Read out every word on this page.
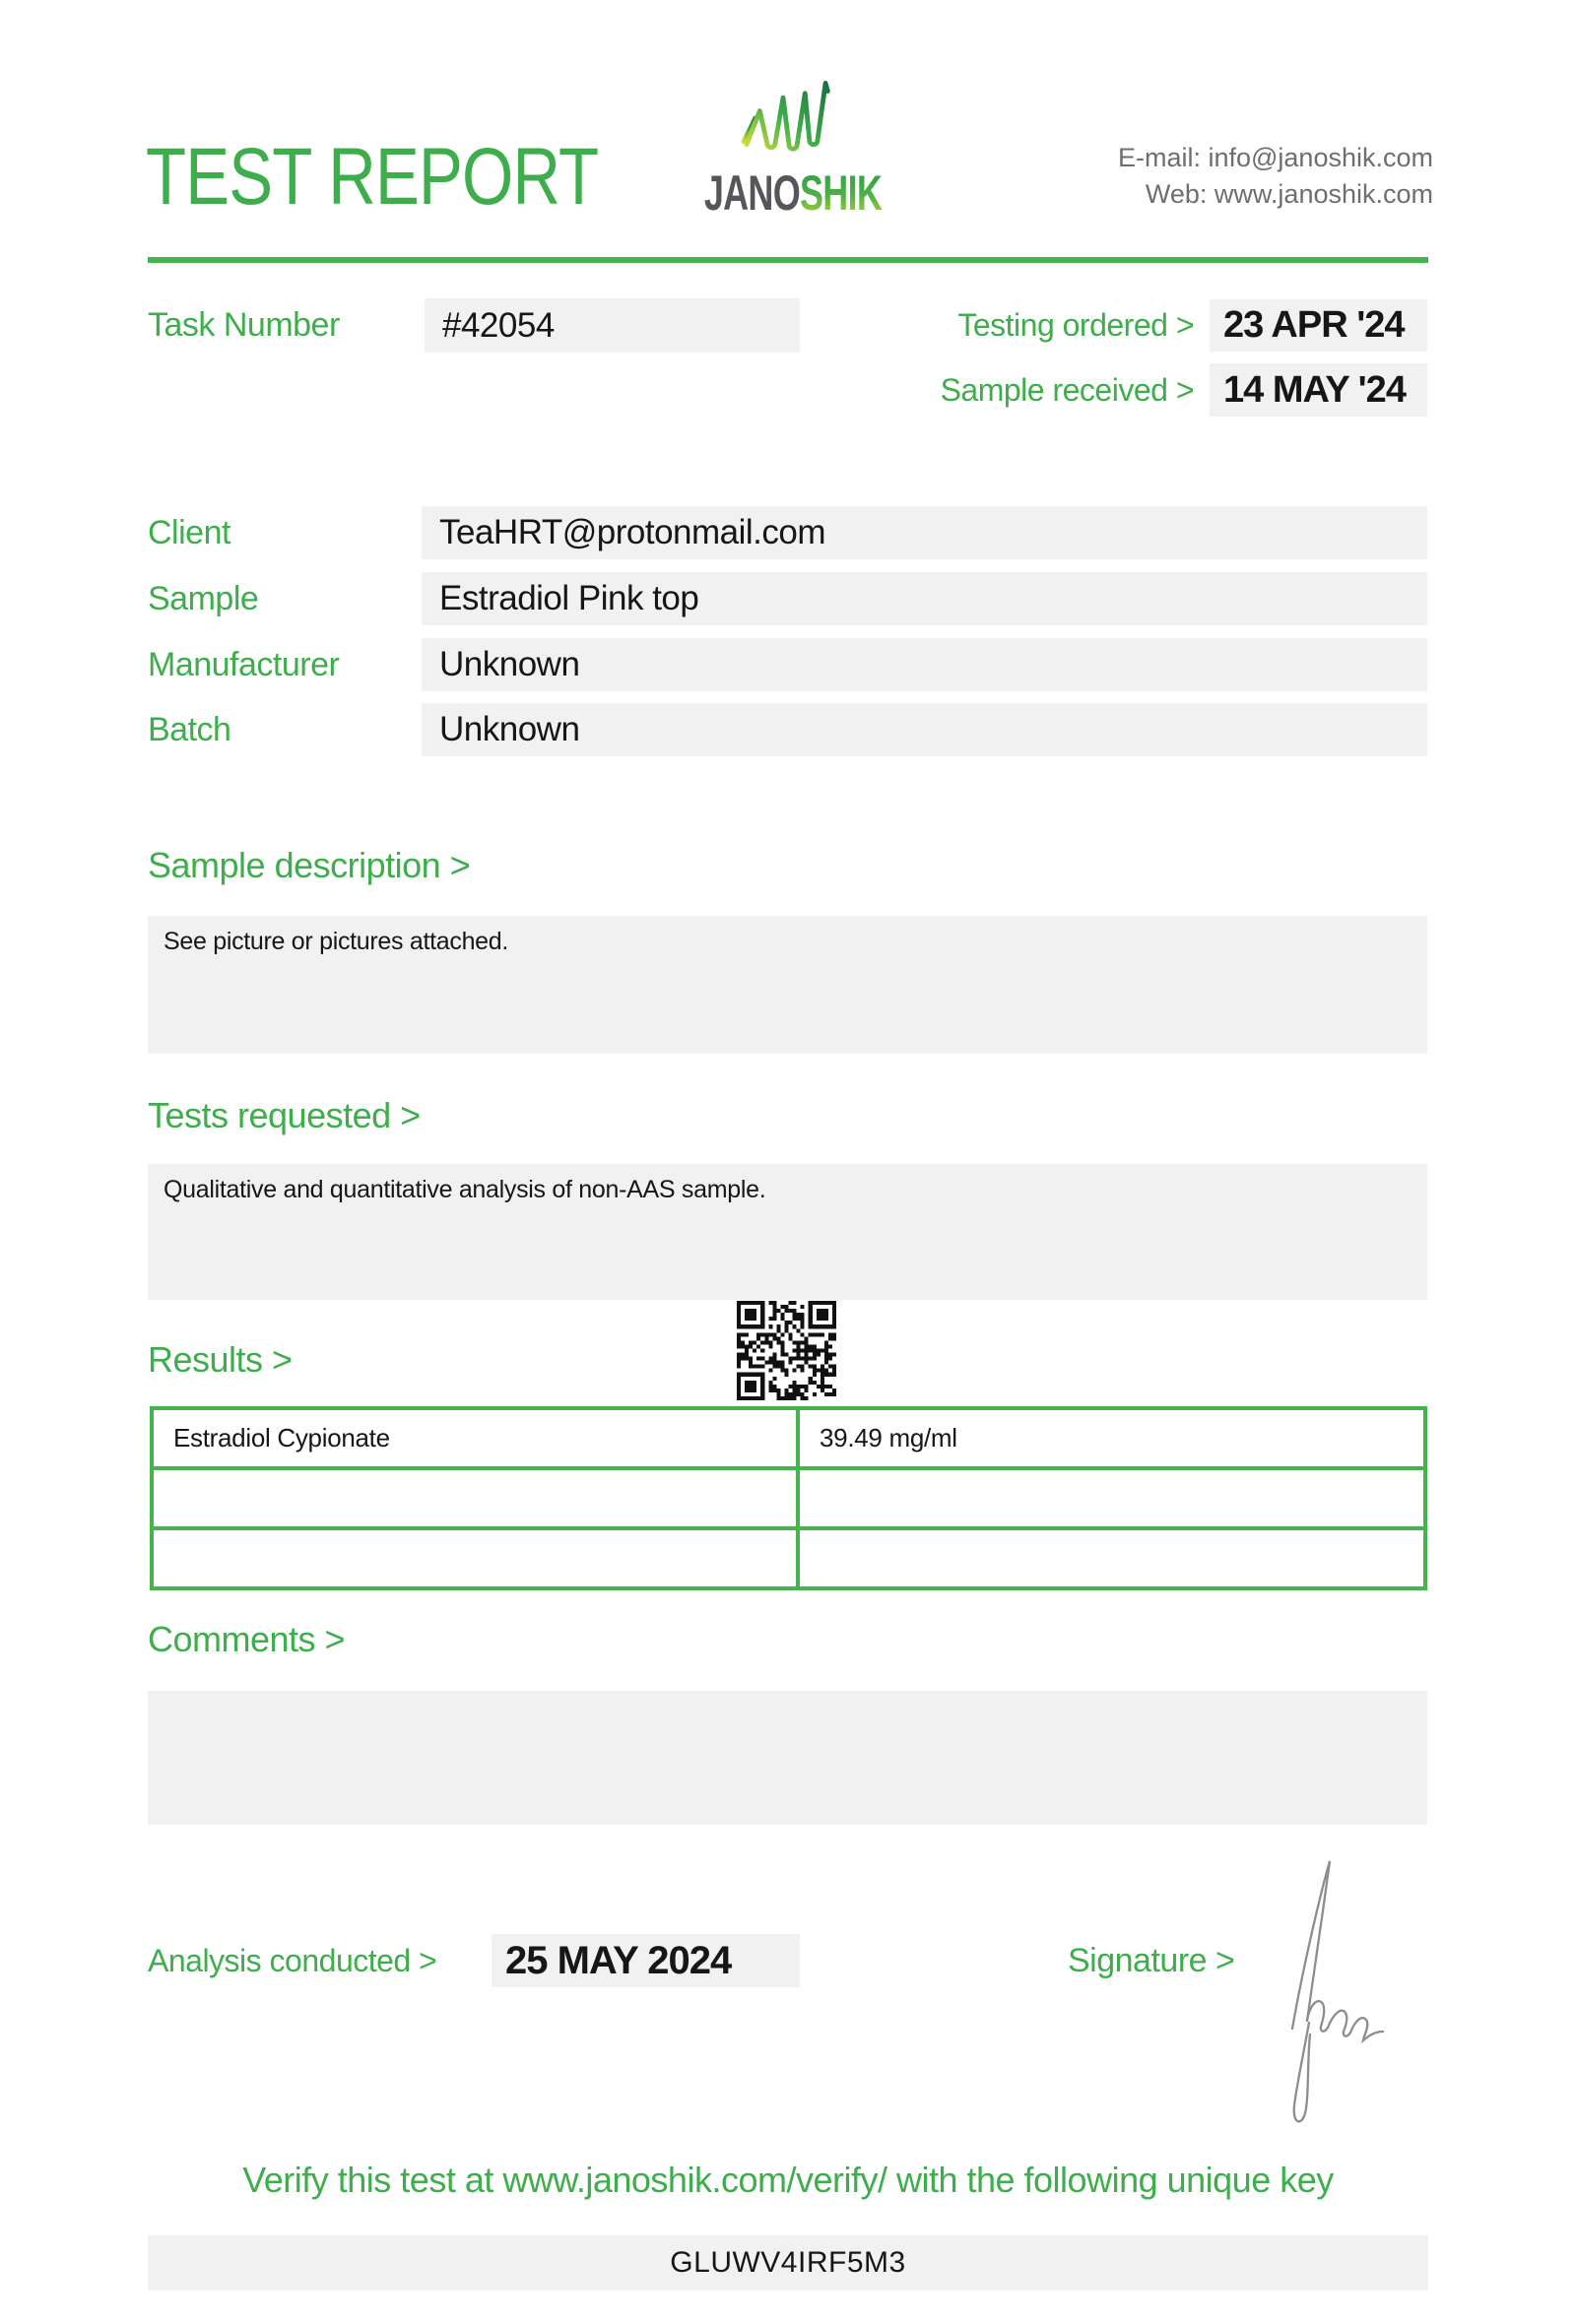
TEST REPORT	JANOSHIK
E-mail: info@janoshik.com
Web: www.janoshik.com
Task Number	#42054	Testing ordered > 23 APR '24
Sample received > 14 MAY '24
Client	TeaHRT@protonmail.com
Sample	Estradiol Pink top
Manufacturer	Unknown
Batch	Unknown
Sample description >
See picture or pictures attached.
Tests requested >
Qualitative and quantitative analysis of non-AAS sample.
Results >
Estradiol Cypionate	39.49 mg/ml
Comments >
Analysis conducted > 25 MAY 2024	Signature >
Verify this test at www.janoshik.com/verify/ with the following unique key
GLUWV4IRF5M3
